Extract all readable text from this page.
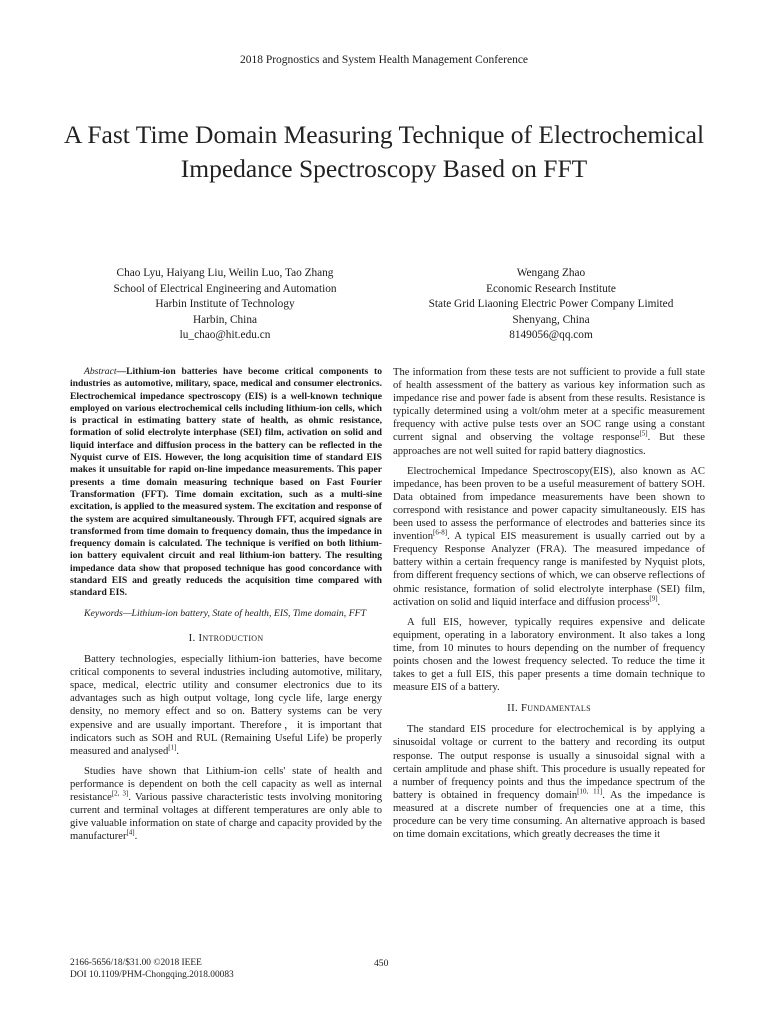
2018 Prognostics and System Health Management Conference
A Fast Time Domain Measuring Technique of Electrochemical Impedance Spectroscopy Based on FFT
Chao Lyu, Haiyang Liu, Weilin Luo, Tao Zhang
School of Electrical Engineering and Automation
Harbin Institute of Technology
Harbin, China
lu_chao@hit.edu.cn
Wengang Zhao
Economic Research Institute
State Grid Liaoning Electric Power Company Limited
Shenyang, China
8149056@qq.com
Abstract—Lithium-ion batteries have become critical components to industries as automotive, military, space, medical and consumer electronics. Electrochemical impedance spectroscopy (EIS) is a well-known technique employed on various electrochemical cells including lithium-ion cells, which is practical in estimating battery state of health, as ohmic resistance, formation of solid electrolyte interphase (SEI) film, activation on solid and liquid interface and diffusion process in the battery can be reflected in the Nyquist curve of EIS. However, the long acquisition time of standard EIS makes it unsuitable for rapid on-line impedance measurements. This paper presents a time domain measuring technique based on Fast Fourier Transformation (FFT). Time domain excitation, such as a multi-sine excitation, is applied to the measured system. The excitation and response of the system are acquired simultaneously. Through FFT, acquired signals are transformed from time domain to frequency domain, thus the impedance in frequency domain is calculated. The technique is verified on both lithium-ion battery equivalent circuit and real lithium-ion battery. The resulting impedance data show that proposed technique has good concordance with standard EIS and greatly reduceds the acquisition time compared with standard EIS.
Keywords—Lithium-ion battery, State of health, EIS, Time domain, FFT
I. Introduction

Battery technologies, especially lithium-ion batteries, have become critical components to several industries including automotive, military, space, medical, electric utility and consumer electronics due to its advantages such as high output voltage, long cycle life, large energy density, no memory effect and so on. Battery systems can be very expensive and are usually important. Therefore，it is important that indicators such as SOH and RUL (Remaining Useful Life) be properly measured and analysed[1].

Studies have shown that Lithium-ion cells' state of health and performance is dependent on both the cell capacity as well as internal resistance[2, 3]. Various passive characteristic tests involving monitoring current and terminal voltages at different temperatures are only able to give valuable information on state of charge and capacity provided by the manufacturer[4].

The information from these tests are not sufficient to provide a full state of health assessment of the battery as various key information such as impedance rise and power fade is absent from these results. Resistance is typically determined using a volt/ohm meter at a specific measurement frequency with active pulse tests over an SOC range using a constant current signal and observing the voltage response[5]. But these approaches are not well suited for rapid battery diagnostics.

Electrochemical Impedance Spectroscopy(EIS), also known as AC impedance, has been proven to be a useful measurement of battery SOH. Data obtained from impedance measurements have been shown to correspond with resistance and power capacity simultaneously. EIS has been used to assess the performance of electrodes and batteries since its invention[6-8]. A typical EIS measurement is usually carried out by a Frequency Response Analyzer (FRA). The measured impedance of battery within a certain frequency range is manifested by Nyquist plots, from different frequency sections of which, we can observe reflections of ohmic resistance, formation of solid electrolyte interphase (SEI) film, activation on solid and liquid interface and diffusion process[9].

A full EIS, however, typically requires expensive and delicate equipment, operating in a laboratory environment. It also takes a long time, from 10 minutes to hours depending on the number of frequency points chosen and the lowest frequency selected. To reduce the time it takes to get a full EIS, this paper presents a time domain technique to measure EIS of a battery.

II. Fundamentals

The standard EIS procedure for electrochemical is by applying a sinusoidal voltage or current to the battery and recording its output response. The output response is usually a sinusoidal signal with a certain amplitude and phase shift. This procedure is usually repeated for a number of frequency points and thus the impedance spectrum of the battery is obtained in frequency domain[10, 11]. As the impedance is measured at a discrete number of frequencies one at a time, this procedure can be very time consuming. An alternative approach is based on time domain excitations, which greatly decreases the time it

2166-5656/18/$31.00 ©2018 IEEE
DOI 10.1109/PHM-Chongqing.2018.00083
450
